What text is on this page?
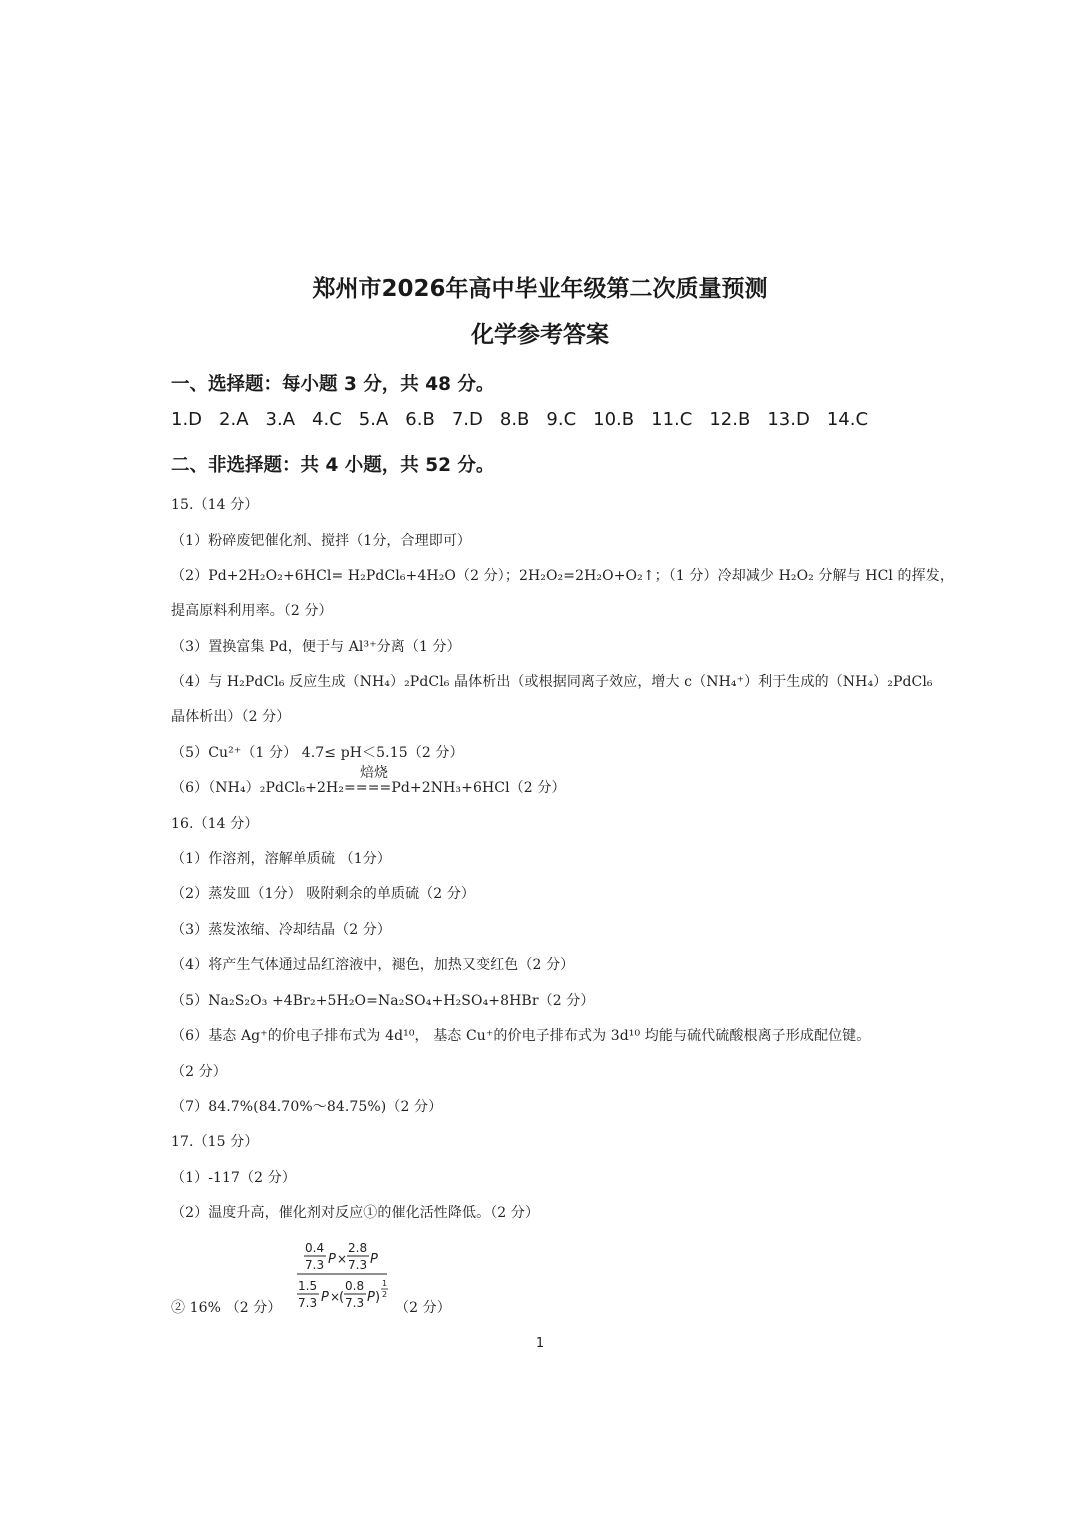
郑州市2026年高中毕业年级第二次质量预测
化学参考答案
一、选择题：每小题 3 分，共 48 分。
1.D 2.A 3.A 4.C 5.A 6.B 7.D 8.B 9.C 10.B 11.C 12.B 13.D 14.C
二、非选择题：共 4 小题，共 52 分。
15.（14 分）
（1）粉碎废钯催化剂、搅拌（1分，合理即可）
（2）Pd+2H₂O₂+6HCl= H₂PdCl₆+4H₂O（2 分）；2H₂O₂=2H₂O+O₂↑；（1 分）冷却减少 H₂O₂ 分解与 HCl 的挥发，
提高原料利用率。（2 分）
（3）置换富集 Pd，便于与 Al³⁺分离（1 分）
（4）与 H₂PdCl₆ 反应生成（NH₄）₂PdCl₆ 晶体析出（或根据同离子效应，增大 c（NH₄⁺）利于生成的（NH₄）₂PdCl₆
晶体析出）（2 分）
（5）Cu²⁺（1 分） 4.7≤ pH＜5.15（2 分）
焙烧
（6）（NH₄）₂PdCl₆+2H₂====Pd+2NH₃+6HCl（2 分）
16.（14 分）
（1）作溶剂，溶解单质硫 （1分）
（2）蒸发皿（1分） 吸附剩余的单质硫（2 分）
（3）蒸发浓缩、冷却结晶（2 分）
（4）将产生气体通过品红溶液中，褪色，加热又变红色（2 分）
（5）Na₂S₂O₃ +4Br₂+5H₂O=Na₂SO₄+H₂SO₄+8HBr（2 分）
（6）基态 Ag⁺的价电子排布式为 4d¹⁰， 基态 Cu⁺的价电子排布式为 3d¹⁰ 均能与硫代硫酸根离子形成配位键。
（2 分）
（7）84.7%(84.70%～84.75%)（2 分）
17.（15 分）
（1）-117（2 分）
（2）温度升高，催化剂对反应①的催化活性降低。（2 分）
② 16% （2 分）	（2 分）
0.4
7.3 P ×
2.8
7.3 P
1.5
7.3 P ×
(
0.8
7.3 P )
1
2
1
